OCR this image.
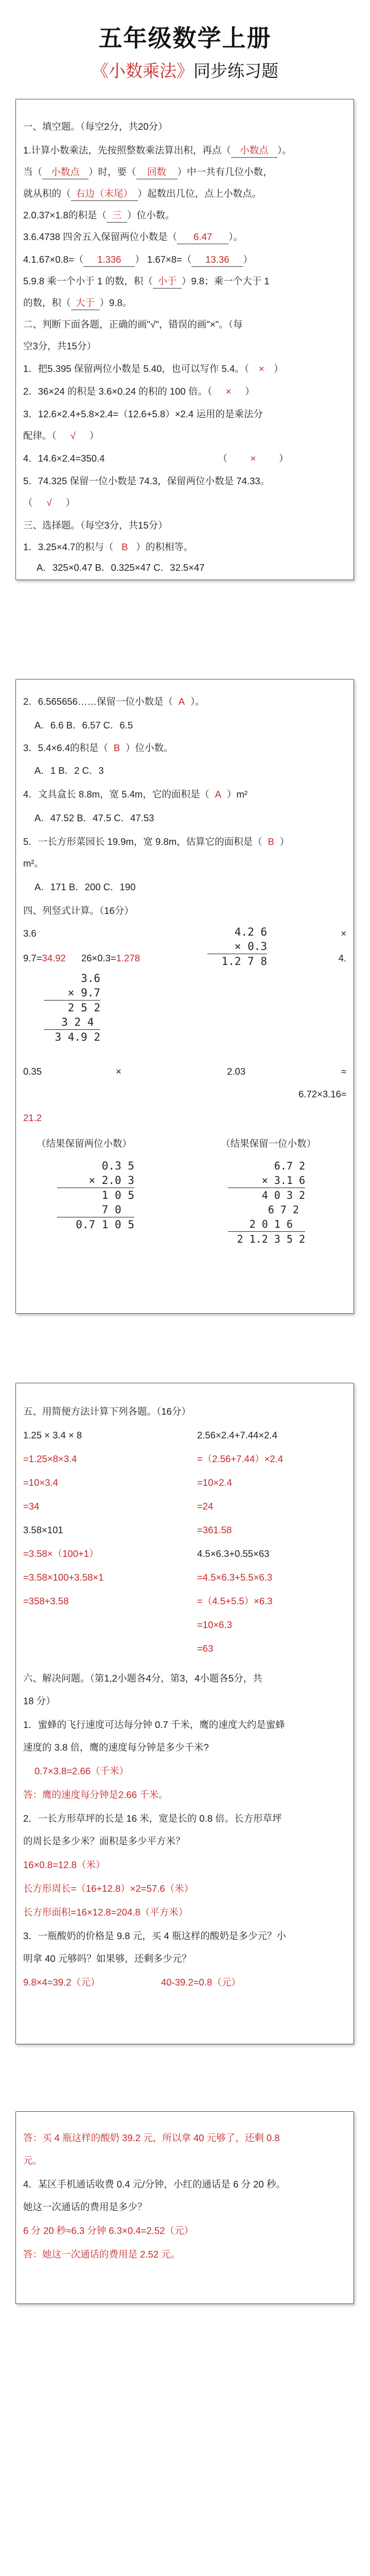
五年级数学上册
《小数乘法》同步练习题
一、填空题。（每空2分，共20分）
1.计算小数乘法，先按照整数乘法算出积，再点（ 小数点 ）。
当（ 小数点 ）时，要（ 回数 ）中一共有几位小数，
就从积的（ 右边（末尾） ）起数出几位，点上小数点。
2.0.37×1.8的积是（ 三 ）位小数。
3.6.4738 四舍五入保留两位小数是（ 6.47 ）。
4.1.67×0.8=（ 1.336 ） 1.67×8=（ 13.36 ）
5.9.8 乘一个小于 1 的数，积（ 小于 ）9.8；乘一个大于 1
的数，积（ 大于 ）9.8。
二、判断下面各题，正确的画"√"，错误的画"×"。（每
空3分，共15分）
1．把5.395 保留两位小数是 5.40，也可以写作 5.4。（ × ）
2．36×24 的积是 3.6×0.24 的积的 100 倍。（ × ）
3．12.6×2.4+5.8×2.4=（12.6+5.8）×2.4 运用的是乘法分
配律。（ √ ）
4．14.6×2.4=350.4	（ × ）
5．74.325 保留一位小数是 74.3，保留两位小数是 74.33。
（ √ ）
三、选择题。（每空3分，共15分）
1．3.25×4.7的积与（ B ）的积相等。
A．325×0.47 B．0.325×47 C．32.5×47
2．6.565656……保留一位小数是（ A ）。
A．6.6 B．6.57 C．6.5
3．5.4×6.4的积是（ B ）位小数。
A．1 B．2 C．3
4．文具盒长 8.8m，宽 5.4m，它的面积是（ A ）m²
A．47.52 B．47.5 C．47.53
5．一长方形菜园长 19.9m，宽 9.8m，估算它的面积是（ B ）
m²。
A．171 B．200 C．190
四、列竖式计算。（16分）
3.6	×
9.7=34.92 26×0.3=1.278	4.
3.6
× 9.7
2 5 2
3 2 4
3 4.9 2
4.2 6
× 0.3
1.2 7 8
0.35	×	2.03	≈
6.72×3.16≈
21.2
（结果保留两位小数）	（结果保留一位小数）
0.3 5
× 2.0 3
1 0 5
7 0
0.7 1 0 5
6.7 2
× 3.1 6
4 0 3 2
6 7 2
2 0 1 6
2 1.2 3 5 2
五、用简便方法计算下列各题。（16分）
1.25 × 3.4 × 8	2.56×2.4+7.44×2.4
=1.25×8×3.4	=（2.56+7.44）×2.4
=10×3.4	=10×2.4
=34	=24
3.58×101	=361.58
=3.58×（100+1）	4.5×6.3+0.55×63
=3.58×100+3.58×1	=4.5×6.3+5.5×6.3
=358+3.58	=（4.5+5.5）×6.3
=10×6.3
=63
六、解决问题。（第1,2小题各4分，第3，4小题各5分，共
18 分）
1．蜜蜂的飞行速度可达每分钟 0.7 千米，鹰的速度大约是蜜蜂
速度的 3.8 倍，鹰的速度每分钟是多少千米?
0.7×3.8=2.66（千米）
答：鹰的速度每分钟是2.66 千米。
2．一长方形草坪的长是 16 米，宽是长的 0.8 倍。长方形草坪
的周长是多少米？面积是多少平方米？
16×0.8=12.8（米）
长方形周长=（16+12.8）×2=57.6（米）
长方形面积=16×12.8=204.8（平方米）
3．一瓶酸奶的价格是 9.8 元，买 4 瓶这样的酸奶是多少元？小
明拿 40 元够吗？如果够，还剩多少元？
9.8×4=39.2（元）	40-39.2=0.8（元）
答：买 4 瓶这样的酸奶 39.2 元，所以拿 40 元够了，还剩 0.8
元。
4．某区手机通话收费 0.4 元/分钟，小红的通话是 6 分 20 秒。
她这一次通话的费用是多少？
6 分 20 秒≈6.3 分钟 6.3×0.4=2.52（元）
答：她这一次通话的费用是 2.52 元。
